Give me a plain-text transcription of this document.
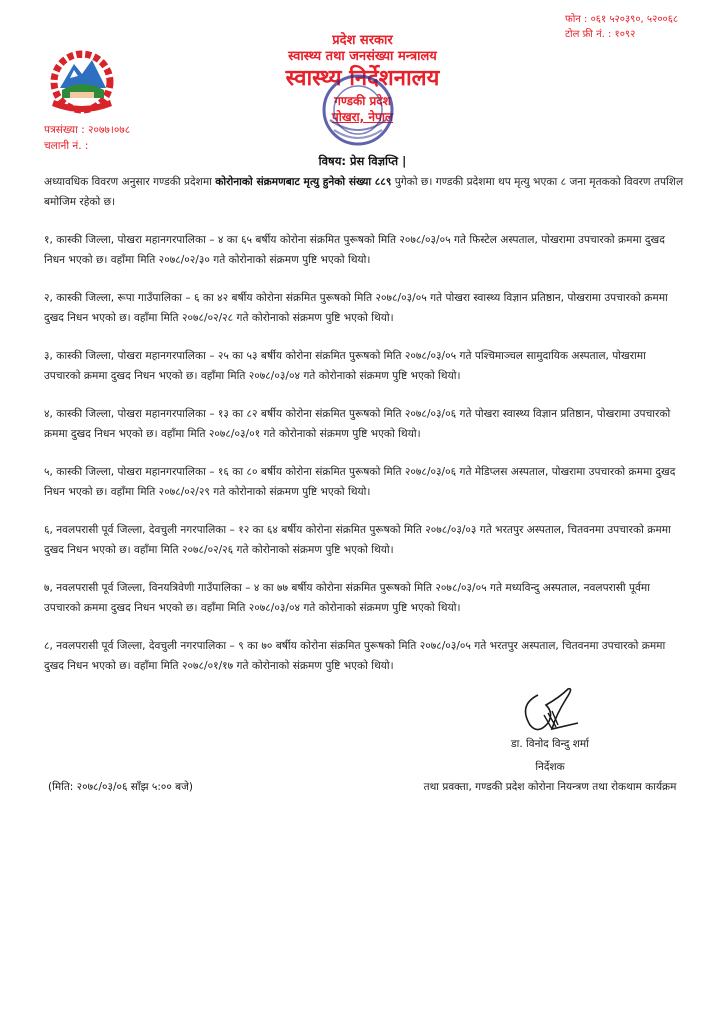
प्रदेश सरकार
स्वास्थ्य तथा जनसंख्या मन्त्रालय
स्वास्थ्य निर्देशनालय
गण्डकी प्रदेश
पोखरा, नेपाल
फोन : ०६१ ५२०३९०, ५२००६८
टोल फ्री नं. : १०९२
पत्रसंख्या : २०७७।०७८
चलानी नं. :
विषय: प्रेस विज्ञप्ति |

अध्यावधिक विवरण अनुसार गण्डकी प्रदेशमा कोरोनाको संक्रमणबाट मृत्यु हुनेको संख्या ८८९ पुगेको छ। गण्डकी प्रदेशमा थप मृत्यु भएका ८ जना मृतकको विवरण तपशिल बमोजिम रहेको छ।

१, कास्की जिल्ला, पोखरा महानगरपालिका – ४ का ६५ बर्षीय कोरोना संक्रमित पुरूषको मिति २०७८/०३/०५ गते फिस्टेल अस्पताल, पोखरामा उपचारको क्रममा दुखद निधन भएको छ। वहाँमा मिति २०७८/०२/३० गते कोरोनाको संक्रमण पुष्टि भएको थियो।

२, कास्की जिल्ला, रूपा गाउँपालिका – ६ का ४२ बर्षीय कोरोना संक्रमित पुरूषको मिति २०७८/०३/०५ गते पोखरा स्वास्थ्य विज्ञान प्रतिष्ठान, पोखरामा उपचारको क्रममा दुखद निधन भएको छ। वहाँमा मिति २०७८/०२/२८ गते कोरोनाको संक्रमण पुष्टि भएको थियो।

३, कास्की जिल्ला, पोखरा महानगरपालिका – २५ का ५३ बर्षीय कोरोना संक्रमित पुरूषको मिति २०७८/०३/०५ गते पश्चिमाञ्चल सामुदायिक अस्पताल, पोखरामा उपचारको क्रममा दुखद निधन भएको छ। वहाँमा मिति २०७८/०३/०४ गते कोरोनाको संक्रमण पुष्टि भएको थियो।

४, कास्की जिल्ला, पोखरा महानगरपालिका – १३ का ८२ बर्षीय कोरोना संक्रमित पुरूषको मिति २०७८/०३/०६ गते पोखरा स्वास्थ्य विज्ञान प्रतिष्ठान, पोखरामा उपचारको क्रममा दुखद निधन भएको छ। वहाँमा मिति २०७८/०३/०१ गते कोरोनाको संक्रमण पुष्टि भएको थियो।

५, कास्की जिल्ला, पोखरा महानगरपालिका – १६ का ८० बर्षीय कोरोना संक्रमित पुरूषको मिति २०७८/०३/०६ गते मेडिप्लस अस्पताल, पोखरामा उपचारको क्रममा दुखद निधन भएको छ। वहाँमा मिति २०७८/०२/२९ गते कोरोनाको संक्रमण पुष्टि भएको थियो।

६, नवलपरासी पूर्व जिल्ला, देवचुली नगरपालिका – १२ का ६४ बर्षीय कोरोना संक्रमित पुरूषको मिति २०७८/०३/०३ गते भरतपुर अस्पताल, चितवनमा उपचारको क्रममा दुखद निधन भएको छ। वहाँमा मिति २०७८/०२/२६ गते कोरोनाको संक्रमण पुष्टि भएको थियो।

७, नवलपरासी पूर्व जिल्ला, विनयत्रिवेणी गाउँपालिका – ४ का ७७ बर्षीय कोरोना संक्रमित पुरूषको मिति २०७८/०३/०५ गते मध्यविन्दु अस्पताल, नवलपरासी पूर्वमा उपचारको क्रममा दुखद निधन भएको छ। वहाँमा मिति २०७८/०३/०४ गते कोरोनाको संक्रमण पुष्टि भएको थियो।

८, नवलपरासी पूर्व जिल्ला, देवचुली नगरपालिका – ९ का ७० बर्षीय कोरोना संक्रमित पुरूषको मिति २०७८/०३/०५ गते भरतपुर अस्पताल, चितवनमा उपचारको क्रममा दुखद निधन भएको छ। वहाँमा मिति २०७८/०१/१७ गते कोरोनाको संक्रमण पुष्टि भएको थियो।

डा. विनोद विन्दु शर्मा
निर्देशक
तथा प्रवक्ता, गण्डकी प्रदेश कोरोना नियन्त्रण तथा रोकथाम कार्यक्रम
(मिति: २०७८/०३/०६ साँझ ५:०० बजे)
